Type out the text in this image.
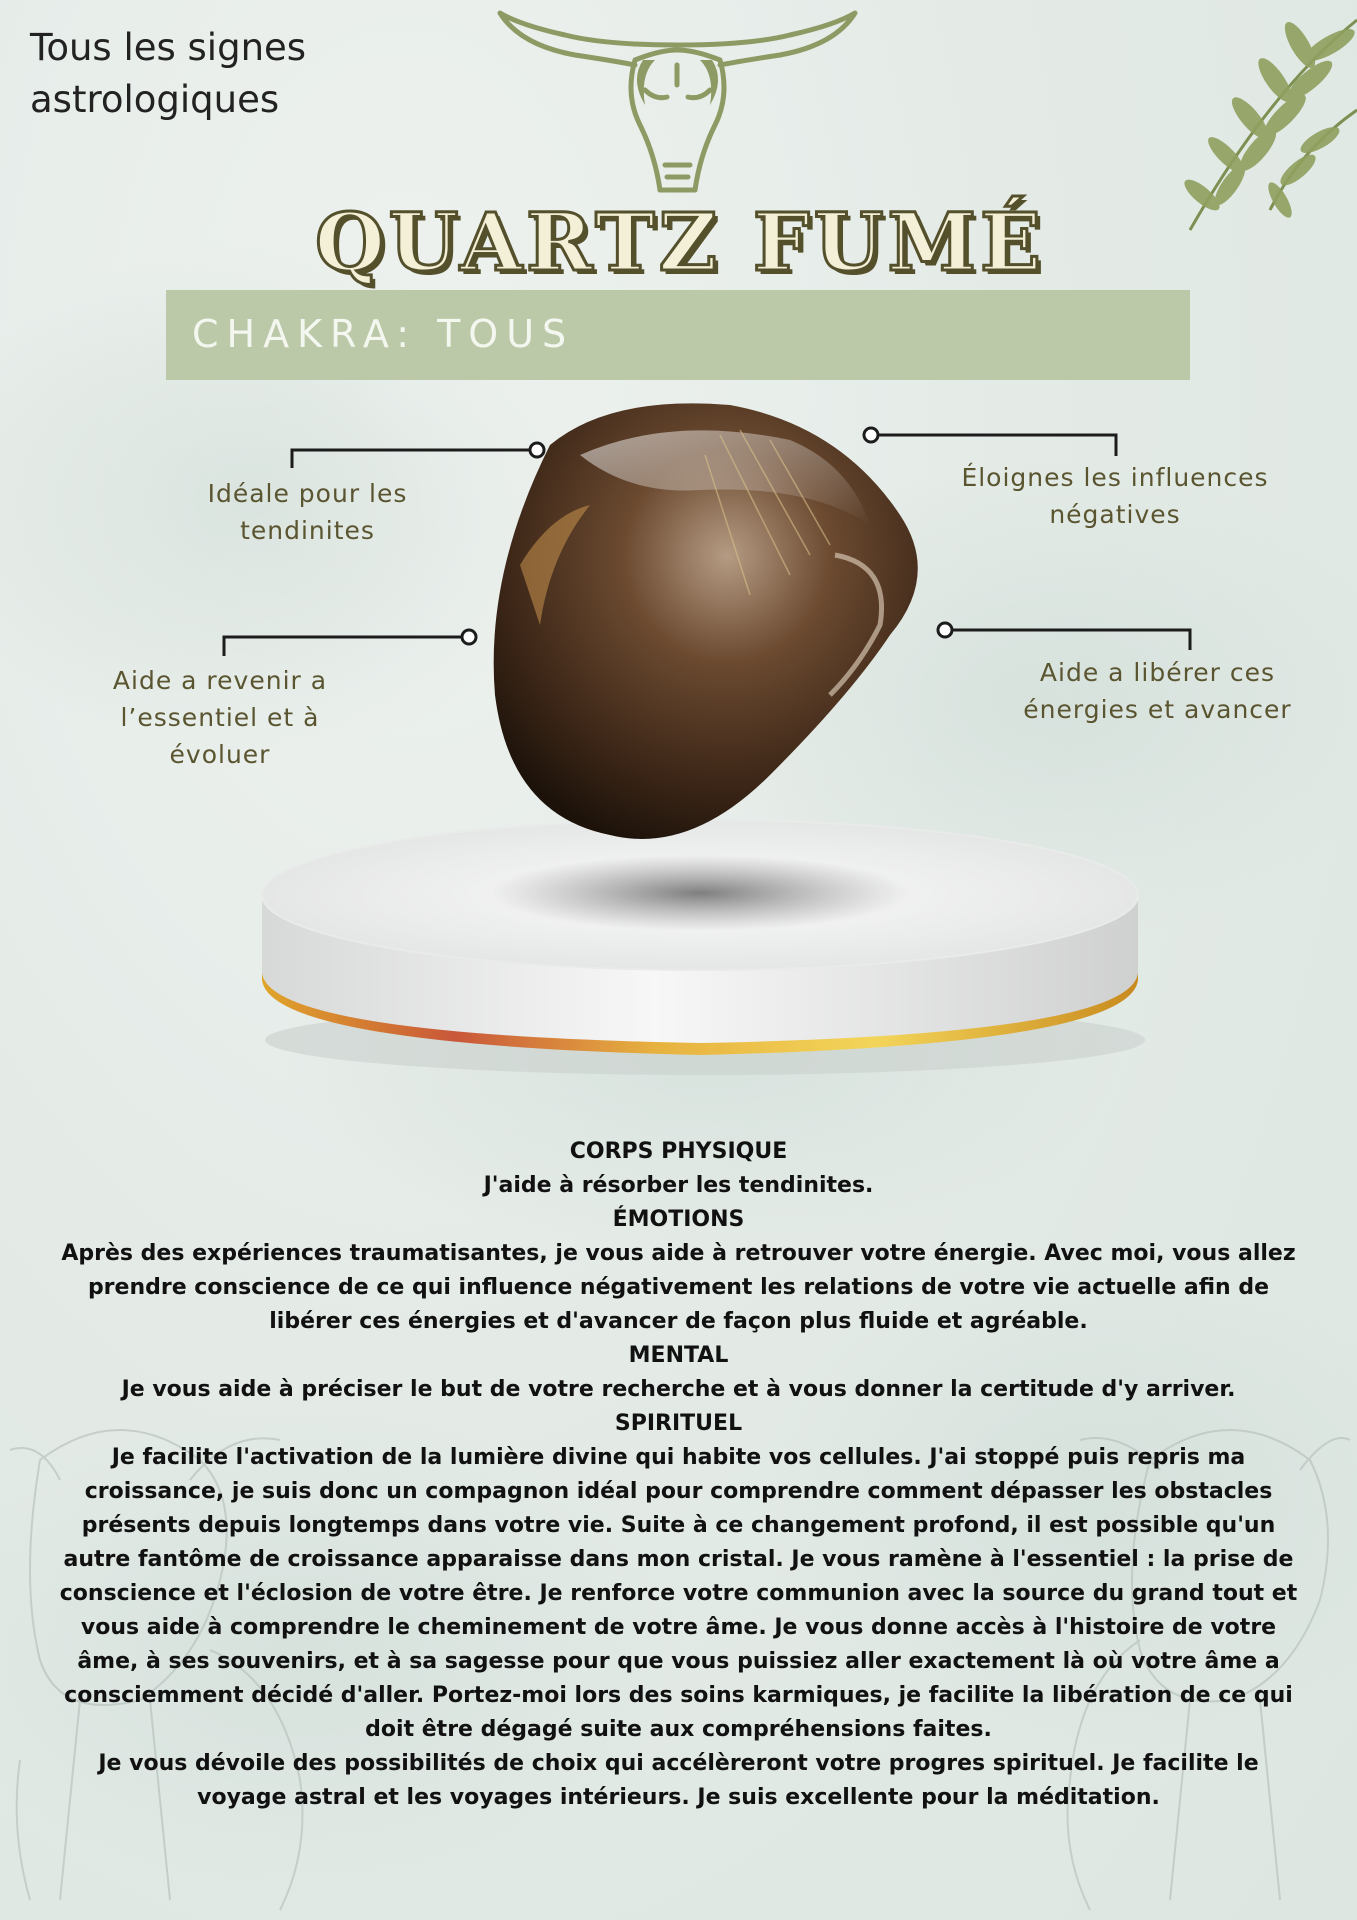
Tous les signes
astrologiques
QUARTZ FUMÉ
CHAKRA: TOUS
Idéale pour les
tendinites
Éloignes les influences
négatives
Aide a revenir a
l’essentiel et à
évoluer
Aide a libérer ces
énergies et avancer

CORPS PHYSIQUE

J'aide à résorber les tendinites.

ÉMOTIONS

Après des expériences traumatisantes, je vous aide à retrouver votre énergie. Avec moi, vous allez prendre conscience de ce qui influence négativement les relations de votre vie actuelle afin de libérer ces énergies et d'avancer de façon plus fluide et agréable.

MENTAL

Je vous aide à préciser le but de votre recherche et à vous donner la certitude d'y arriver.

SPIRITUEL

Je facilite l'activation de la lumière divine qui habite vos cellules. J'ai stoppé puis repris ma croissance, je suis donc un compagnon idéal pour comprendre comment dépasser les obstacles présents depuis longtemps dans votre vie. Suite à ce changement profond, il est possible qu'un autre fantôme de croissance apparaisse dans mon cristal. Je vous ramène à l'essentiel : la prise de conscience et l'éclosion de votre être. Je renforce votre communion avec la source du grand tout et vous aide à comprendre le cheminement de votre âme. Je vous donne accès à l'histoire de votre âme, à ses souvenirs, et à sa sagesse pour que vous puissiez aller exactement là où votre âme a consciemment décidé d'aller. Portez-moi lors des soins karmiques, je facilite la libération de ce qui doit être dégagé suite aux compréhensions faites.

Je vous dévoile des possibilités de choix qui accélèreront votre progres spirituel. Je facilite le voyage astral et les voyages intérieurs. Je suis excellente pour la méditation.
